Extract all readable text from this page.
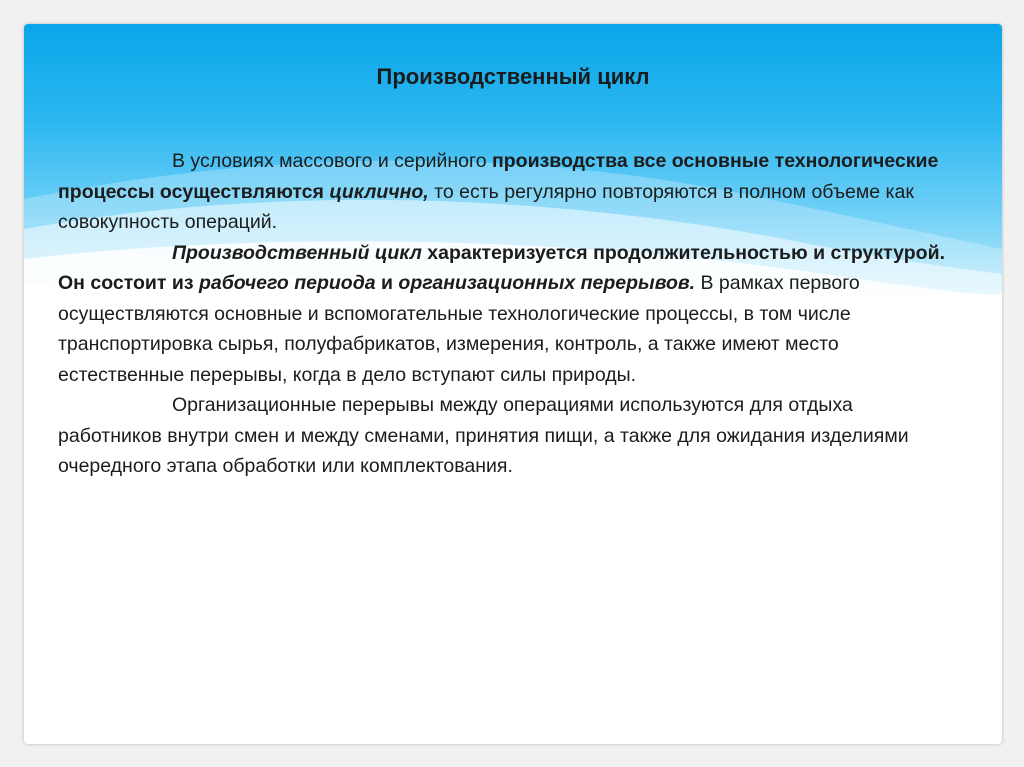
Производственный цикл

В условиях массового и серийного производства все основные технологические процессы осуществляются циклично, то есть регулярно повторяются в полном объеме как совокупность операций.

Производственный цикл характеризуется продолжительностью и структурой. Он состоит из рабочего периода и организационных перерывов. В рамках первого осуществляются основные и вспомогательные технологические процессы, в том числе транспортировка сырья, полуфабрикатов, измерения, контроль, а также имеют место естественные перерывы, когда в дело вступают силы природы.

Организационные перерывы между операциями используются для отдыха работников внутри смен и между сменами, принятия пищи, а также для ожидания изделиями очередного этапа обработки или комплектования.
